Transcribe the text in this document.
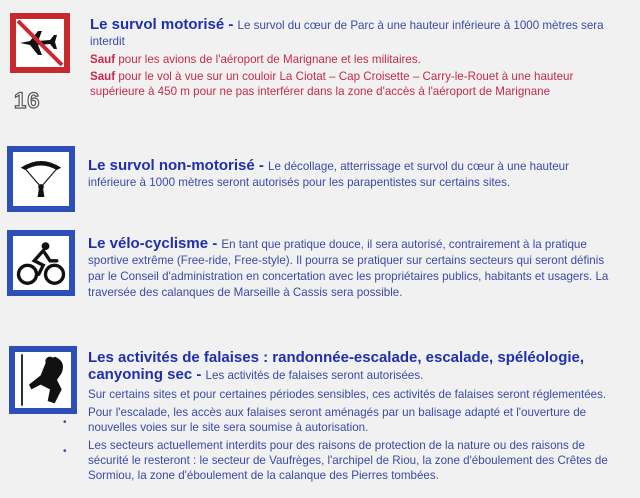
16

Le survol motorisé - Le survol du cœur de Parc à une hauteur inférieure à 1000 mètres sera interdit

Sauf pour les avions de l'aéroport de Marignane et les militaires.

Sauf pour le vol à vue sur un couloir La Ciotat – Cap Croisette – Carry-le-Rouet à une hauteur supérieure à 450 m pour ne pas interférer dans la zone d'accès à l'aéroport de Marignane

Le survol non-motorisé - Le décollage, atterrissage et survol du cœur à une hauteur inférieure à 1000 mètres seront autorisés pour les parapentistes sur certains sites.

Le vélo-cyclisme - En tant que pratique douce, il sera autorisé, contrairement à la pratique sportive extrême (Free-ride, Free-style). Il pourra se pratiquer sur certains secteurs qui seront définis par le Conseil d'administration en concertation avec les propriétaires publics, habitants et usagers. La traversée des calanques de Marseille à Cassis sera possible.

Les activités de falaises : randonnée-escalade, escalade, spéléologie, canyoning sec - Les activités de falaises seront autorisées.

Sur certains sites et pour certaines périodes sensibles, ces activités de falaises seront réglementées.

Pour l'escalade, les accès aux falaises seront aménagés par un balisage adapté et l'ouverture de nouvelles voies sur le site sera soumise à autorisation.

Les secteurs actuellement interdits pour des raisons de protection de la nature ou des raisons de sécurité le resteront : le secteur de Vaufrèges, l'archipel de Riou, la zone d'éboulement des Crêtes de Sormiou, la zone d'éboulement de la calanque des Pierres tombées.

•
•
